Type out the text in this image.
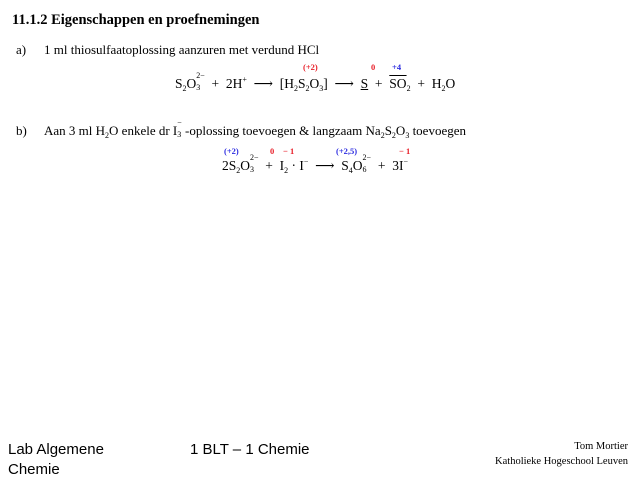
11.1.2 Eigenschappen en proefnemingen
a) 1 ml thiosulfaatoplossing aanzuren met verdund HCl
(+2)	0 +4
$S_2O$
2−
3 + 2H+ ⟶ $[H_2S_2O_3]$ ⟶ $S + \overline{SO}_2 + H_2O$
b) Aan 3 ml $H_2O$ enkele dr I
−
3 -oplossing toevoegen & langzaam $Na_2S_2O_3$ toevoegen
(+2)	0 − 1	(+2,5)	− 1
$2S_2O$
2−
$3 + I_2 \cdot I^-$ ⟶ $S_4O$
2−
6 + 3I−
Lab Algemene
Chemie
1 BLT – 1 Chemie	Tom Mortier
Katholieke Hogeschool Leuven
